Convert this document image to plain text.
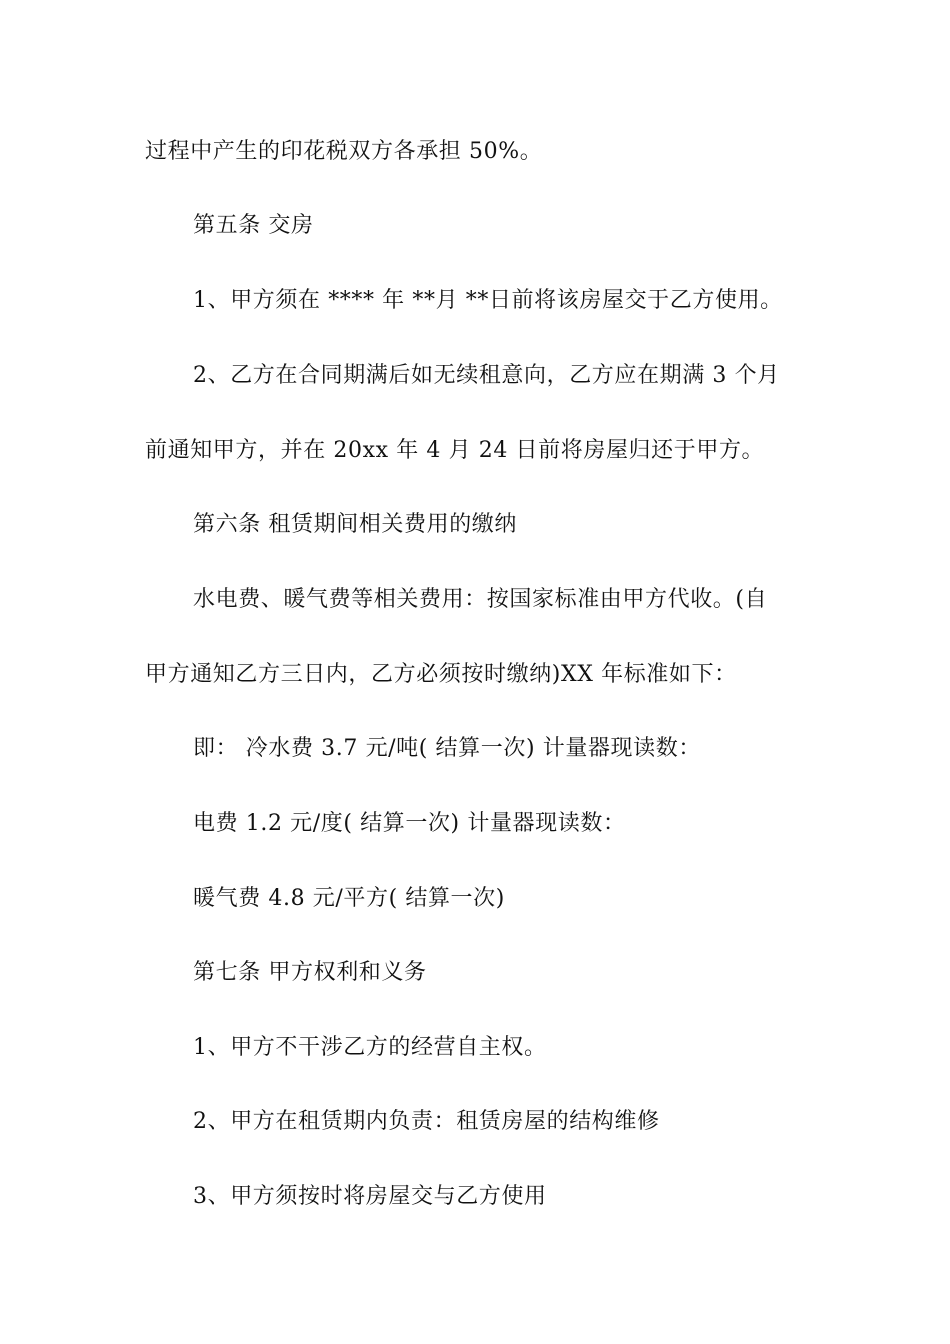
过程中产生的印花税双方各承担 50%。
第五条 交房
1、甲方须在 **** 年 **月 **日前将该房屋交于乙方使用。
2、乙方在合同期满后如无续租意向，乙方应在期满 3 个月
前通知甲方，并在 20xx 年 4 月 24 日前将房屋归还于甲方。
第六条 租赁期间相关费用的缴纳
水电费、暖气费等相关费用：按国家标准由甲方代收。(自
甲方通知乙方三日内，乙方必须按时缴纳)XX 年标准如下：
即： 冷水费 3.7 元/吨( 结算一次) 计量器现读数：
电费 1.2 元/度( 结算一次) 计量器现读数：
暖气费 4.8 元/平方( 结算一次)
第七条 甲方权利和义务
1、甲方不干涉乙方的经营自主权。
2、甲方在租赁期内负责：租赁房屋的结构维修
3、甲方须按时将房屋交与乙方使用
